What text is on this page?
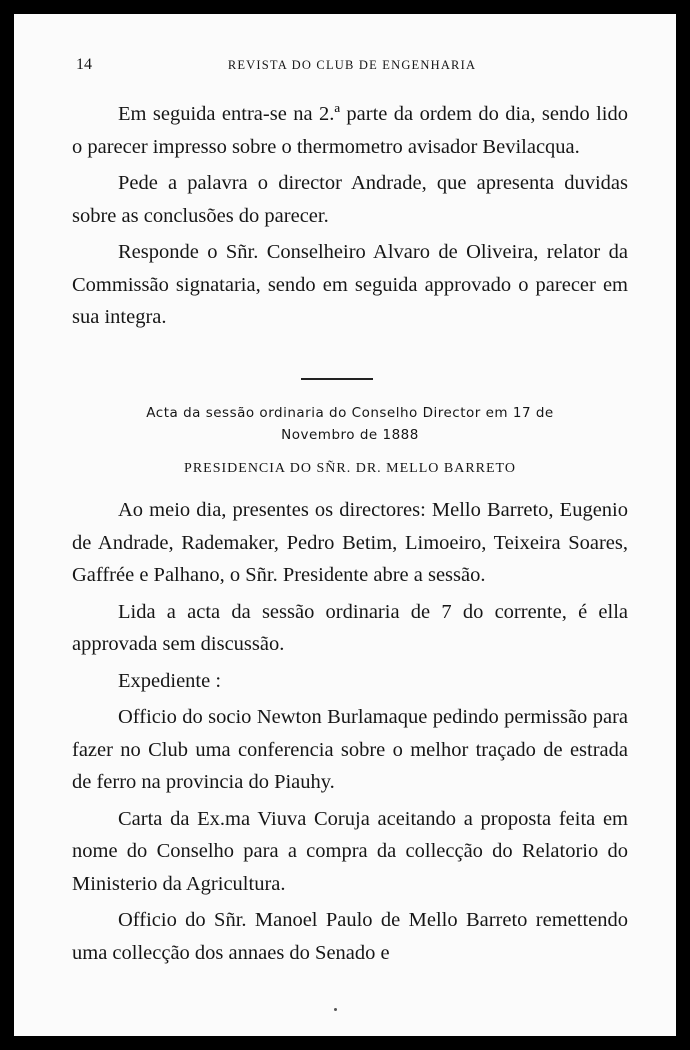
14	REVISTA DO CLUB DE ENGENHARIA

Em seguida entra-se na 2.ª parte da ordem do dia, sendo lido o parecer impresso sobre o thermometro avisador Bevilacqua.

Pede a palavra o director Andrade, que apresenta duvidas sobre as conclusões do parecer.

Responde o Sñr. Conselheiro Alvaro de Oliveira, relator da Commissão signataria, sendo em seguida approvado o parecer em sua integra.

Acta da sessão ordinaria do Conselho Director em 17 de
Novembro de 1888
PRESIDENCIA DO SÑR. DR. MELLO BARRETO

Ao meio dia, presentes os directores: Mello Barreto, Eugenio de Andrade, Rademaker, Pedro Betim, Limoeiro, Teixeira Soares, Gaffrée e Palhano, o Sñr. Presidente abre a sessão.

Lida a acta da sessão ordinaria de 7 do corrente, é ella approvada sem discussão.

Expediente :

Officio do socio Newton Burlamaque pedindo permissão para fazer no Club uma conferencia sobre o melhor traçado de estrada de ferro na provincia do Piauhy.

Carta da Ex.ma Viuva Coruja aceitando a proposta feita em nome do Conselho para a compra da collecção do Relatorio do Ministerio da Agricultura.

Officio do Sñr. Manoel Paulo de Mello Barreto remettendo uma collecção dos annaes do Senado e
